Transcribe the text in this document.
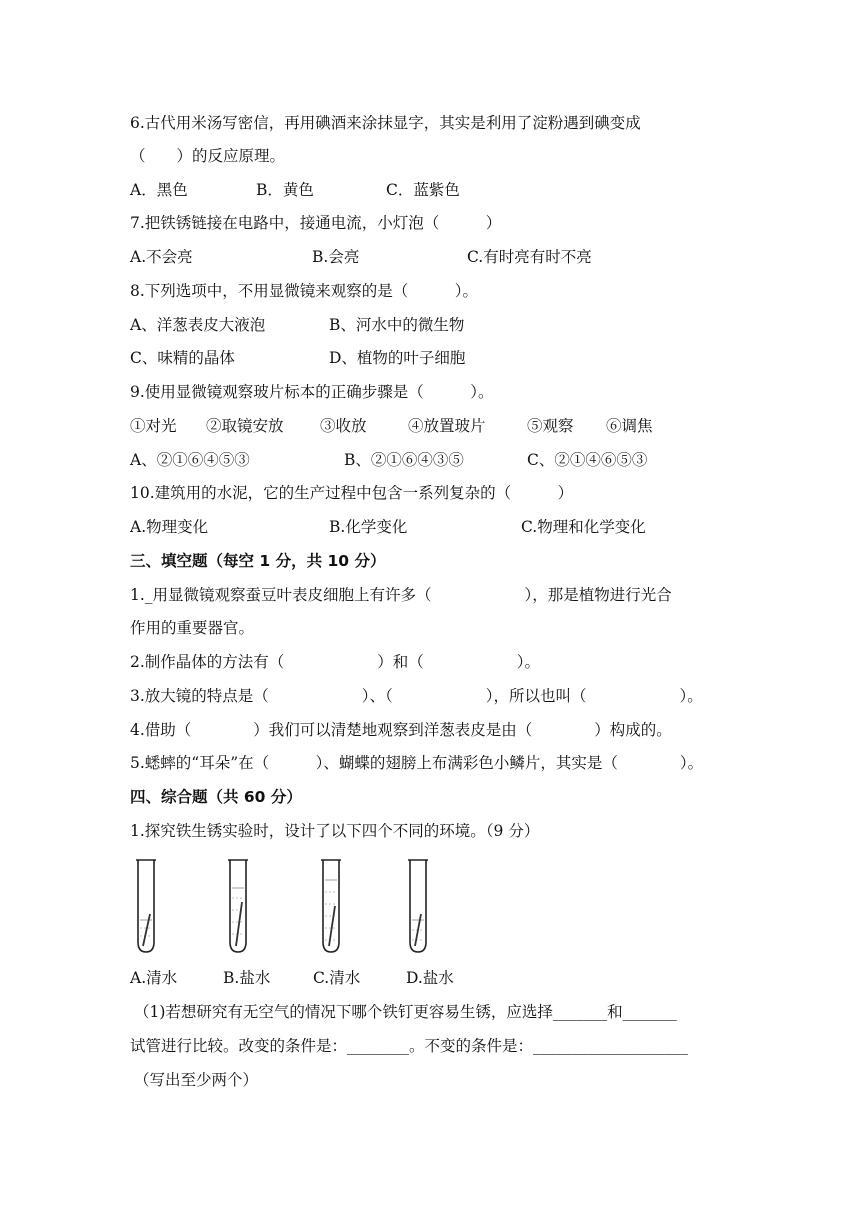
6.古代用米汤写密信，再用碘酒来涂抹显字，其实是利用了淀粉遇到碘变成
（　　）的反应原理。
A．黑色	B．黄色	C．蓝紫色
7.把铁锈链接在电路中，接通电流，小灯泡（　　　）
A.不会亮	B.会亮	C.有时亮有时不亮
8.下列选项中，不用显微镜来观察的是（　　　）。
A、洋葱表皮大液泡	B、河水中的微生物
C、味精的晶体	D、植物的叶子细胞
9.使用显微镜观察玻片标本的正确步骤是（　　　）。
①对光 ②取镜安放 ③收放	④放置玻片	⑤观察 ⑥调焦
A、②①⑥④⑤③	B、②①⑥④③⑤	C、②①④⑥⑤③
10.建筑用的水泥，它的生产过程中包含一系列复杂的（　　　）
A.物理变化	B.化学变化	C.物理和化学变化
三、填空题（每空 1 分，共 10 分）
1._用显微镜观察蚕豆叶表皮细胞上有许多（　　　　　　），那是植物进行光合
作用的重要器官。
2.制作晶体的方法有（　　　　　　）和（　　　　　　）。
3.放大镜的特点是（　　　　　　）、（　　　　　　），所以也叫（　　　　　　）。
4.借助（　　　　）我们可以清楚地观察到洋葱表皮是由（　　　　）构成的。
5.蟋蟀的“耳朵”在（　　　）、蝴蝶的翅膀上布满彩色小鳞片，其实是（　　　　）。
四、综合题（共 60 分）
1.探究铁生锈实验时，设计了以下四个不同的环境。（9 分）
A.清水	B.盐水	C.清水	D.盐水
（1)若想研究有无空气的情况下哪个铁钉更容易生锈，应选择_______和_______
试管进行比较。改变的条件是：________。不变的条件是：____________________
（写出至少两个）
